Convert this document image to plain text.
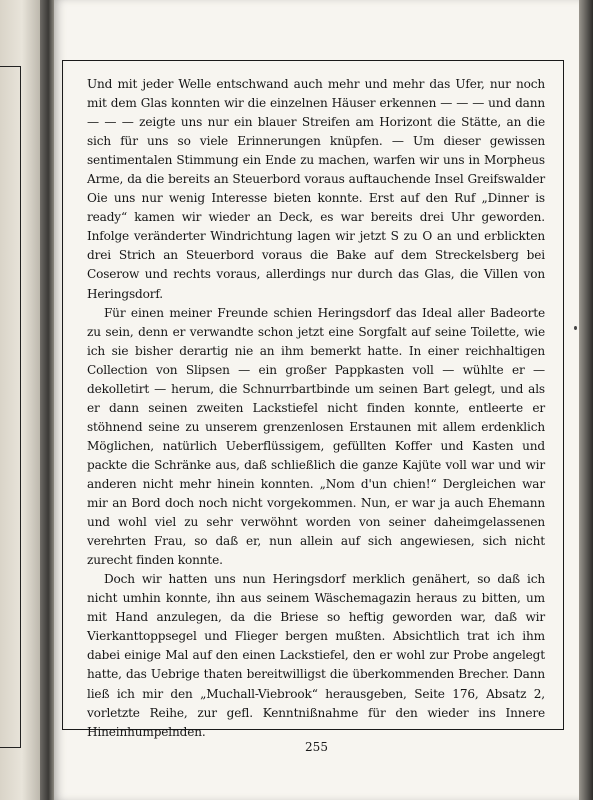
Und mit jeder Welle entschwand auch mehr und mehr das Ufer, nur noch mit dem Glas konnten wir die einzelnen Häuser erkennen — — — und dann — — — zeigte uns nur ein blauer Streifen am Horizont die Stätte, an die sich für uns so viele Erinnerungen knüpfen. — Um dieser gewissen sentimentalen Stimmung ein Ende zu machen, warfen wir uns in Morpheus Arme, da die bereits an Steuerbord voraus auftauchende Insel Greifswalder Oie uns nur wenig Interesse bieten konnte. Erst auf den Ruf „Dinner is ready“ kamen wir wieder an Deck, es war bereits drei Uhr geworden. Infolge veränderter Windrichtung lagen wir jetzt S zu O an und erblickten drei Strich an Steuerbord voraus die Bake auf dem Streckelsberg bei Coserow und rechts voraus, allerdings nur durch das Glas, die Villen von Heringsdorf.

Für einen meiner Freunde schien Heringsdorf das Ideal aller Badeorte zu sein, denn er verwandte schon jetzt eine Sorgfalt auf seine Toilette, wie ich sie bisher derartig nie an ihm bemerkt hatte. In einer reichhaltigen Collection von Slipsen — ein großer Pappkasten voll — wühlte er — dekolletirt — herum, die Schnurrbartbinde um seinen Bart gelegt, und als er dann seinen zweiten Lackstiefel nicht finden konnte, entleerte er stöhnend seine zu unserem grenzenlosen Erstaunen mit allem erdenklich Möglichen, natürlich Ueberflüssigem, gefüllten Koffer und Kasten und packte die Schränke aus, daß schließlich die ganze Kajüte voll war und wir anderen nicht mehr hinein konnten. „Nom d'un chien!“ Dergleichen war mir an Bord doch noch nicht vorgekommen. Nun, er war ja auch Ehemann und wohl viel zu sehr verwöhnt worden von seiner daheimgelassenen verehrten Frau, so daß er, nun allein auf sich angewiesen, sich nicht zurecht finden konnte.

Doch wir hatten uns nun Heringsdorf merklich genähert, so daß ich nicht umhin konnte, ihn aus seinem Wäschemagazin heraus zu bitten, um mit Hand anzulegen, da die Briese so heftig geworden war, daß wir Vierkanttoppsegel und Flieger bergen mußten. Absichtlich trat ich ihm dabei einige Mal auf den einen Lackstiefel, den er wohl zur Probe angelegt hatte, das Uebrige thaten bereitwilligst die überkommenden Brecher. Dann ließ ich mir den „Muchall-Viebrook“ herausgeben, Seite 176, Absatz 2, vorletzte Reihe, zur gefl. Kenntnißnahme für den wieder ins Innere Hineinhumpelnden.

255
